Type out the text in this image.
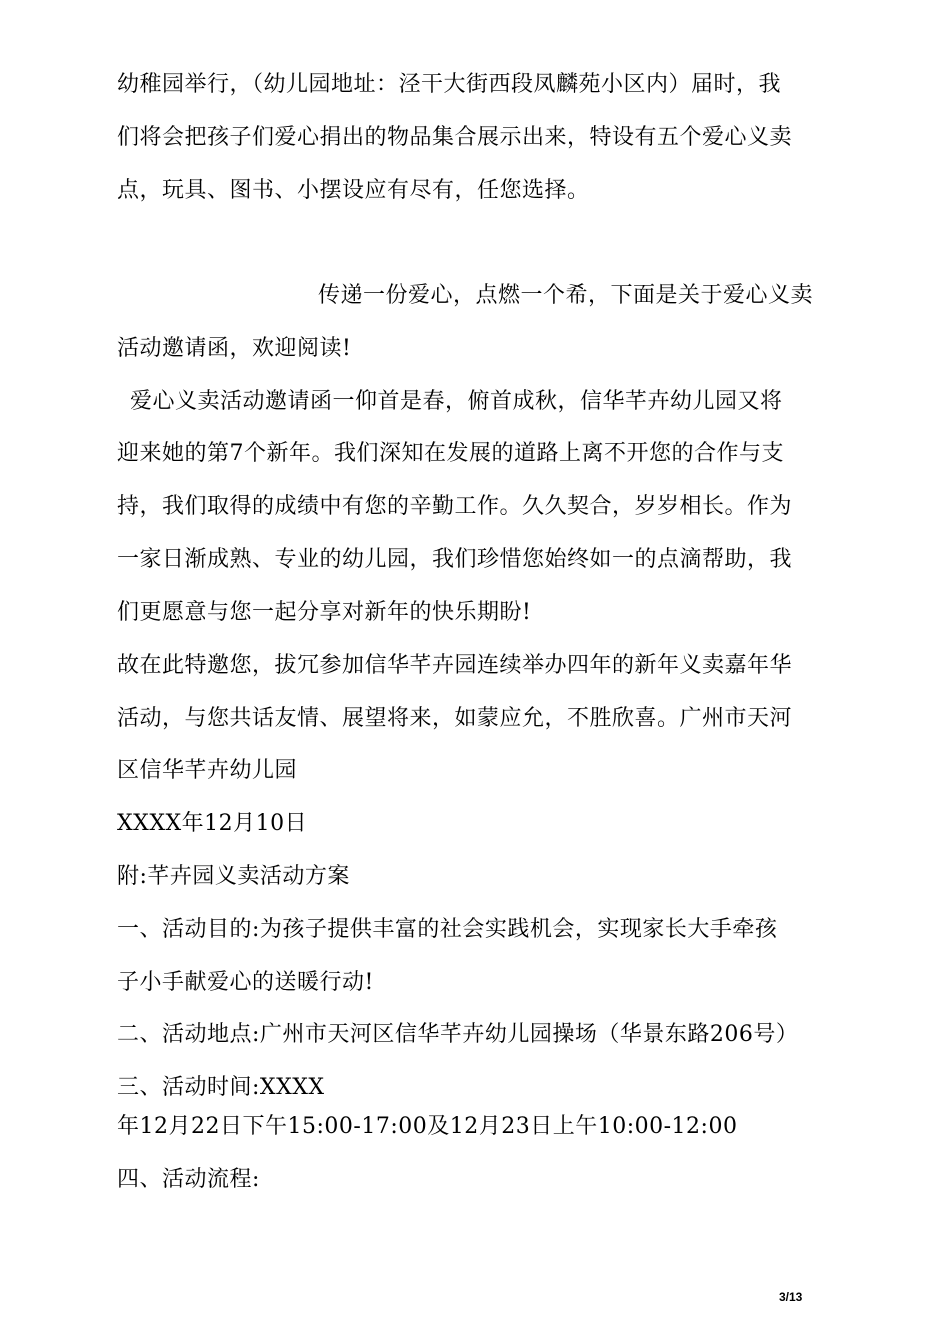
幼稚园举行，（幼儿园地址：泾干大街西段凤麟苑小区内）届时，我
们将会把孩子们爱心捐出的物品集合展示出来，特设有五个爱心义卖
点，玩具、图书、小摆设应有尽有，任您选择。
传递一份爱心，点燃一个希，下面是关于爱心义卖
活动邀请函，欢迎阅读!
爱心义卖活动邀请函一仰首是春，俯首成秋，信华芊卉幼儿园又将
迎来她的第7个新年。我们深知在发展的道路上离不开您的合作与支
持，我们取得的成绩中有您的辛勤工作。久久契合，岁岁相长。作为
一家日渐成熟、专业的幼儿园，我们珍惜您始终如一的点滴帮助，我
们更愿意与您一起分享对新年的快乐期盼!
故在此特邀您，拔冗参加信华芊卉园连续举办四年的新年义卖嘉年华
活动，与您共话友情、展望将来，如蒙应允，不胜欣喜。广州市天河
区信华芊卉幼儿园
XXXX年12月10日
附:芊卉园义卖活动方案
一、活动目的:为孩子提供丰富的社会实践机会，实现家长大手牵孩
子小手献爱心的送暖行动!
二、活动地点:广州市天河区信华芊卉幼儿园操场（华景东路206号）
三、活动时间:XXXX
年12月22日下午15:00-17:00及12月23日上午10:00-12:00
四、活动流程:
3/13
